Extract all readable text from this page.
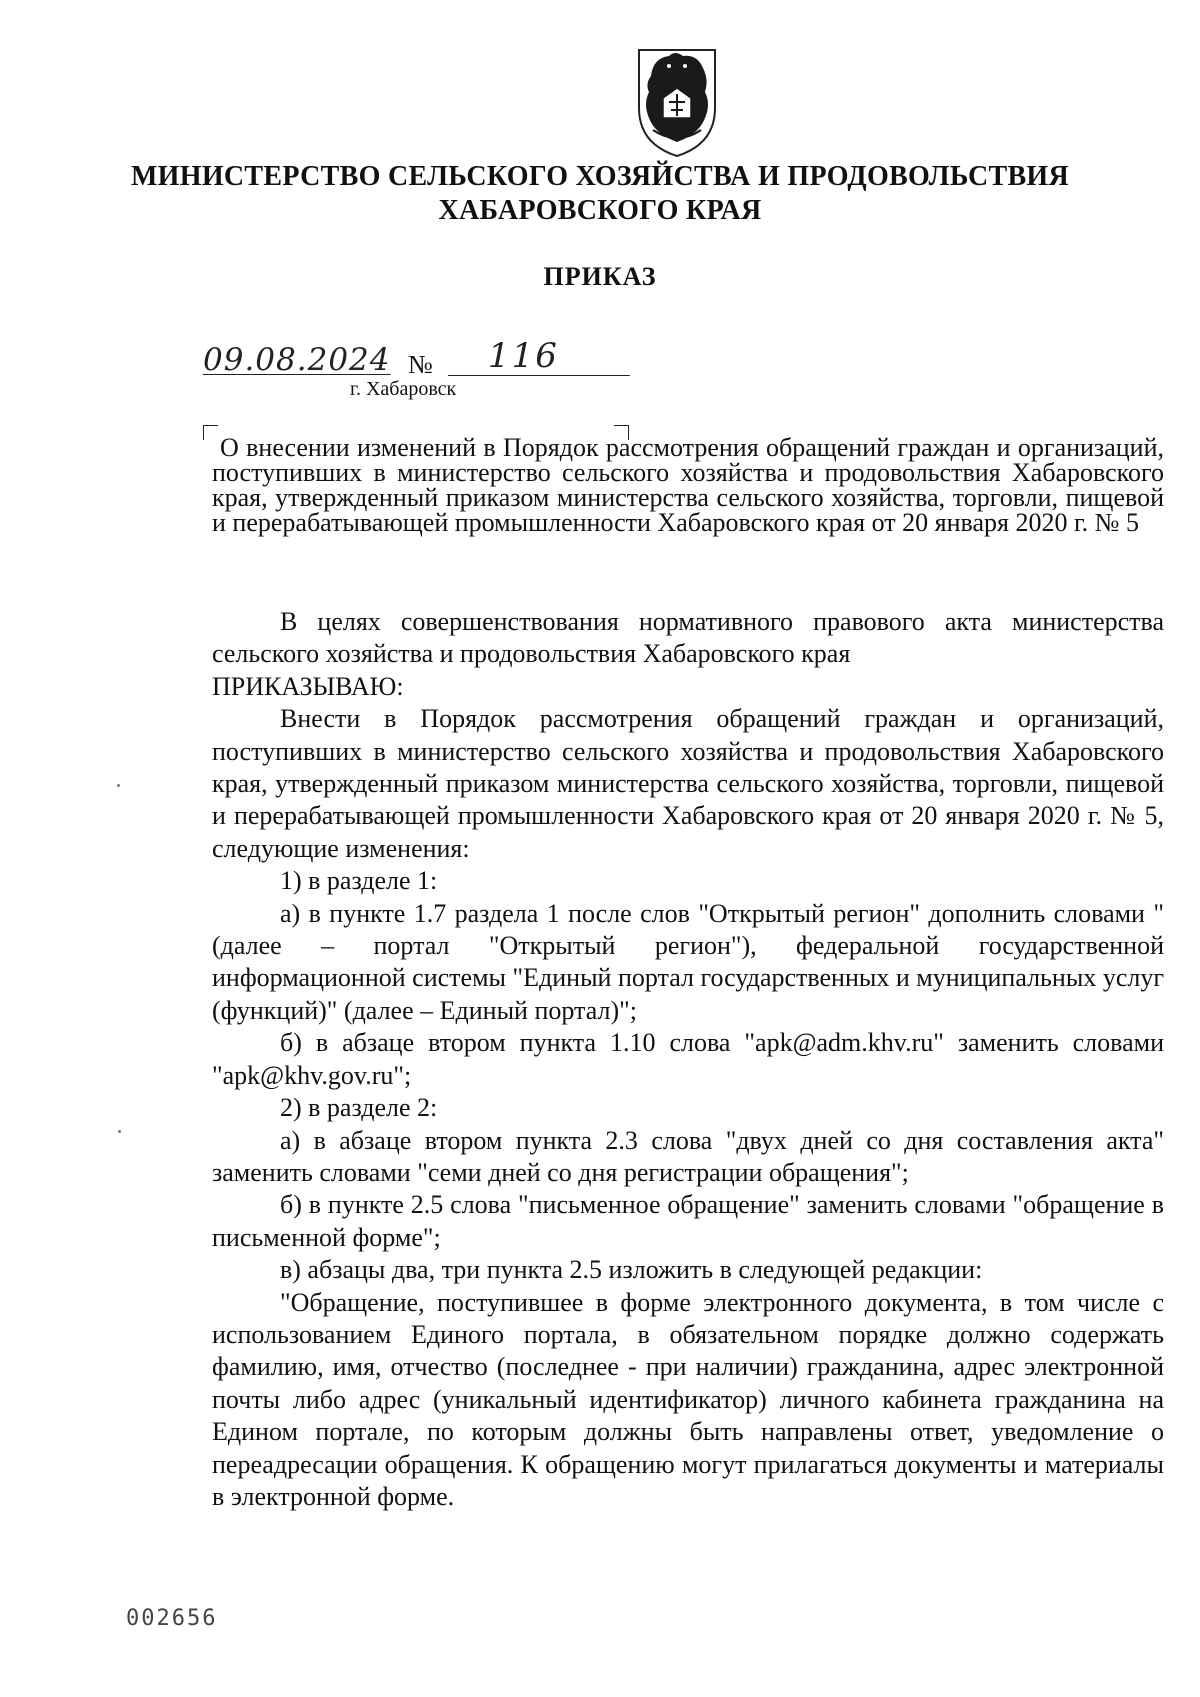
МИНИСТЕРСТВО СЕЛЬСКОГО ХОЗЯЙСТВА И ПРОДОВОЛЬСТВИЯ
ХАБАРОВСКОГО КРАЯ
ПРИКАЗ
09.08.2024 № 116
г. Хабаровск
О внесении изменений в Порядок рассмотрения обращений граждан и организаций, поступивших в министерство сельского хозяйства и продовольствия Хабаровского края, утвержденный приказом министерства сельского хозяйства, торговли, пищевой и перерабатывающей промышленности Хабаровского края от 20 января 2020 г. № 5

В целях совершенствования нормативного правового акта министерства сельского хозяйства и продовольствия Хабаровского края

ПРИКАЗЫВАЮ:

Внести в Порядок рассмотрения обращений граждан и организаций, поступивших в министерство сельского хозяйства и продовольствия Хабаровского края, утвержденный приказом министерства сельского хозяйства, торговли, пищевой и перерабатывающей промышленности Хабаровского края от 20 января 2020 г. № 5, следующие изменения:

1) в разделе 1:

а) в пункте 1.7 раздела 1 после слов "Открытый регион" дополнить словами " (далее – портал "Открытый регион"), федеральной государственной информационной системы "Единый портал государственных и муниципальных услуг (функций)" (далее – Единый портал)";

б) в абзаце втором пункта 1.10 слова "apk@adm.khv.ru" заменить словами "apk@khv.gov.ru";

2) в разделе 2:

а) в абзаце втором пункта 2.3 слова "двух дней со дня составления акта" заменить словами "семи дней со дня регистрации обращения";

б) в пункте 2.5 слова "письменное обращение" заменить словами "обращение в письменной форме";

в) абзацы два, три пункта 2.5 изложить в следующей редакции:

"Обращение, поступившее в форме электронного документа, в том числе с использованием Единого портала, в обязательном порядке должно содержать фамилию, имя, отчество (последнее - при наличии) гражданина, адрес электронной почты либо адрес (уникальный идентификатор) личного кабинета гражданина на Едином портале, по которым должны быть направлены ответ, уведомление о переадресации обращения. К обращению могут прилагаться документы и материалы в электронной форме.

002656
